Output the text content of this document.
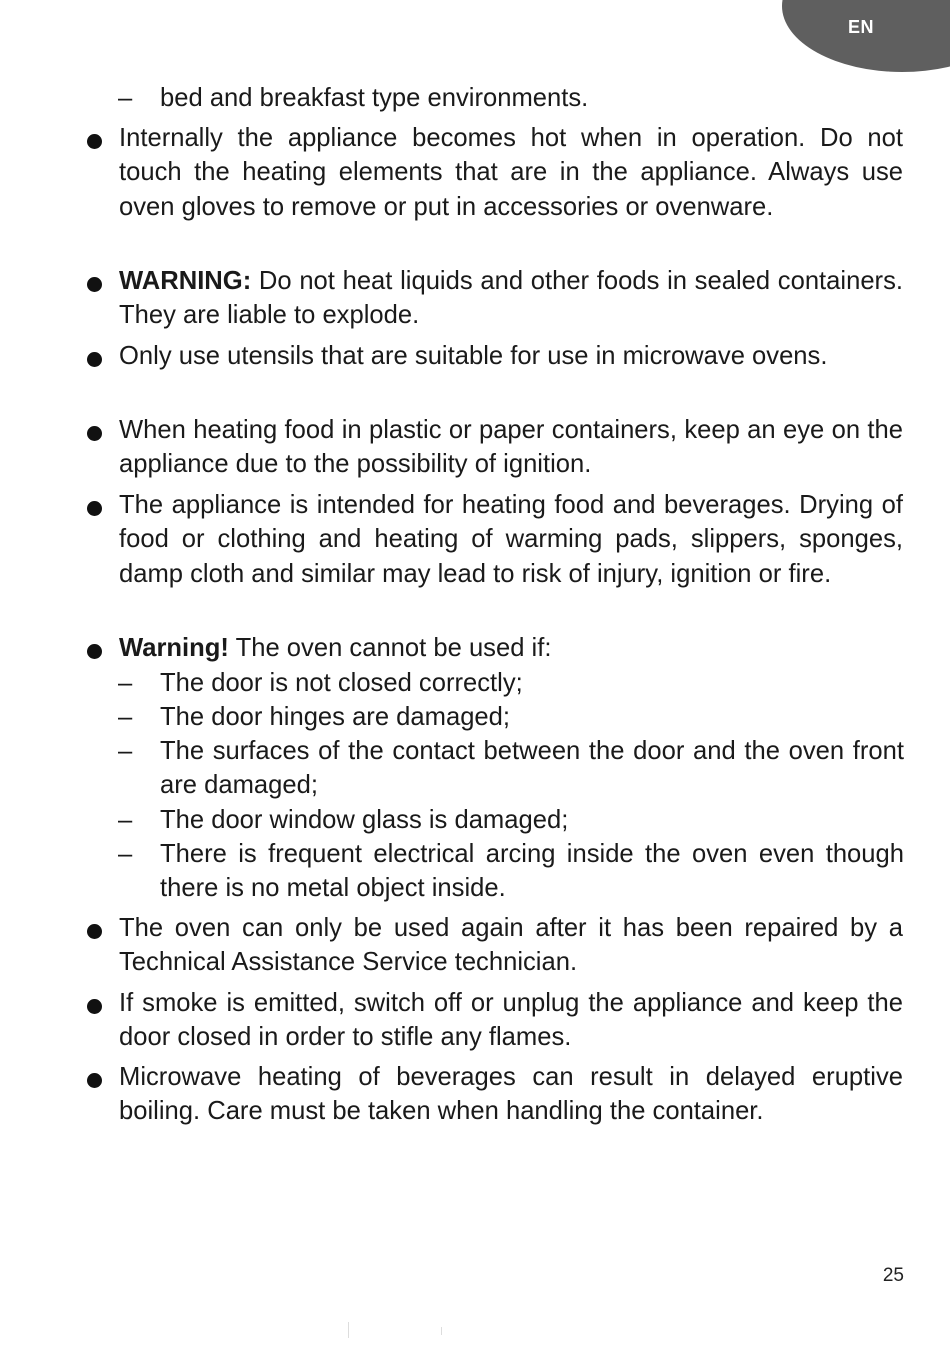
EN
– bed and breakfast type environments.
Internally the appliance becomes hot when in operation. Do not touch the heating elements that are in the appliance. Always use oven gloves to remove or put in accessories or ovenware.
WARNING: Do not heat liquids and other foods in sealed containers. They are liable to explode.
Only use utensils that are suitable for use in microwave ovens.
When heating food in plastic or paper containers, keep an eye on the appliance due to the possibility of ignition.
The appliance is intended for heating food and beverages. Drying of food or clothing and heating of warming pads, slippers, sponges, damp cloth and similar may lead to risk of injury, ignition or fire.
Warning! The oven cannot be used if:
– The door is not closed correctly;
– The door hinges are damaged;
– The surfaces of the contact between the door and the oven front are damaged;
– The door window glass is damaged;
– There is frequent electrical arcing inside the oven even though there is no metal object inside.
The oven can only be used again after it has been repaired by a Technical Assistance Service technician.
If smoke is emitted, switch off or unplug the appliance and keep the door closed in order to stifle any flames.
Microwave heating of beverages can result in delayed eruptive boiling. Care must be taken when handling the container.
25
